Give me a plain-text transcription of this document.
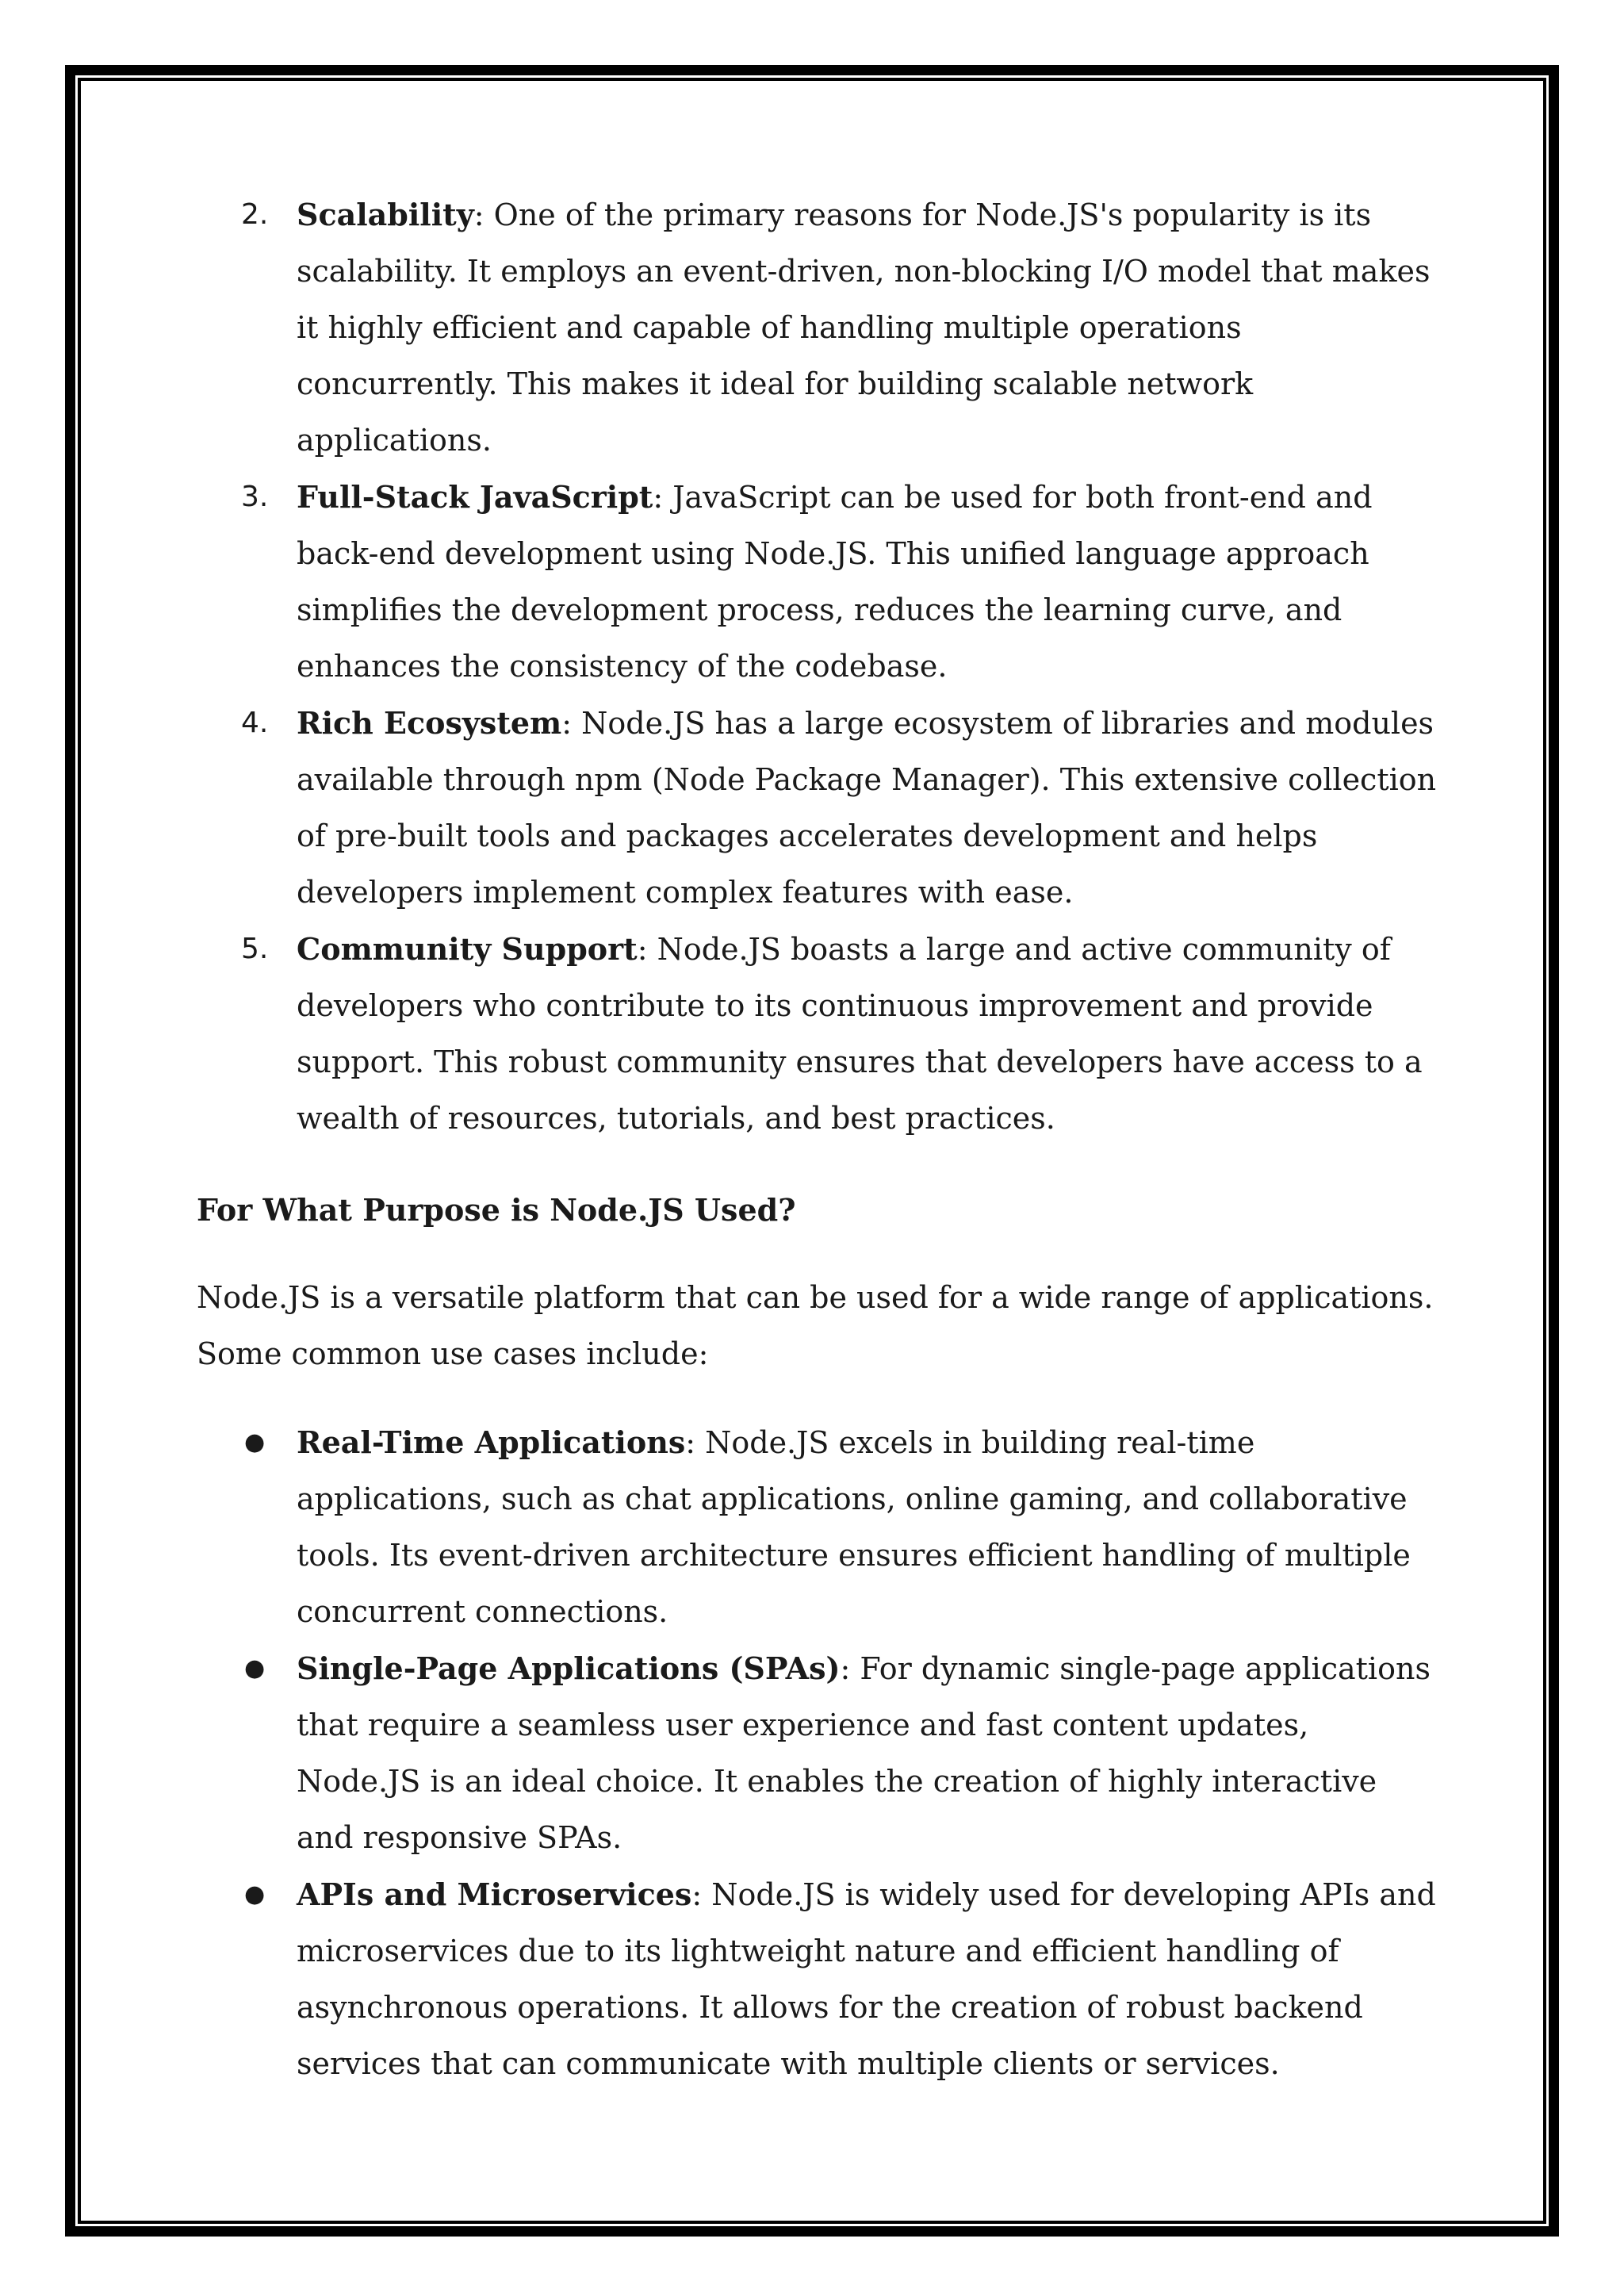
2. Scalability: One of the primary reasons for Node.JS's popularity is its scalability. It employs an event-driven, non-blocking I/O model that makes it highly efficient and capable of handling multiple operations concurrently. This makes it ideal for building scalable network applications.
3. Full-Stack JavaScript: JavaScript can be used for both front-end and back-end development using Node.JS. This unified language approach simplifies the development process, reduces the learning curve, and enhances the consistency of the codebase.
4. Rich Ecosystem: Node.JS has a large ecosystem of libraries and modules available through npm (Node Package Manager). This extensive collection of pre-built tools and packages accelerates development and helps developers implement complex features with ease.
5. Community Support: Node.JS boasts a large and active community of developers who contribute to its continuous improvement and provide support. This robust community ensures that developers have access to a wealth of resources, tutorials, and best practices.
For What Purpose is Node.JS Used?

Node.JS is a versatile platform that can be used for a wide range of applications. Some common use cases include:

● Real-Time Applications: Node.JS excels in building real-time applications, such as chat applications, online gaming, and collaborative tools. Its event-driven architecture ensures efficient handling of multiple concurrent connections.
● Single-Page Applications (SPAs): For dynamic single-page applications that require a seamless user experience and fast content updates, Node.JS is an ideal choice. It enables the creation of highly interactive and responsive SPAs.
● APIs and Microservices: Node.JS is widely used for developing APIs and microservices due to its lightweight nature and efficient handling of asynchronous operations. It allows for the creation of robust backend services that can communicate with multiple clients or services.
